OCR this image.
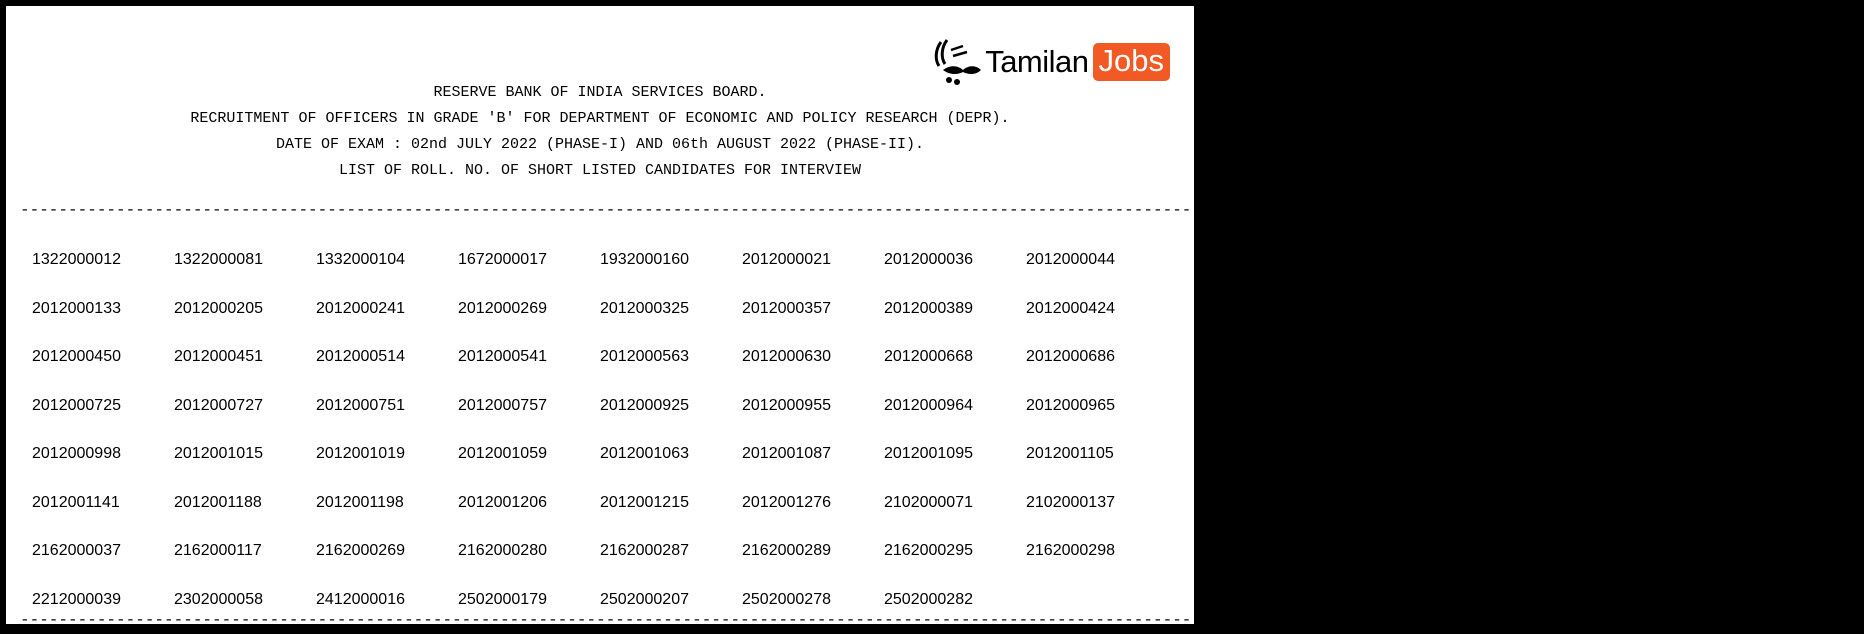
Tamilan Jobs
RESERVE BANK OF INDIA SERVICES BOARD.
RECRUITMENT OF OFFICERS IN GRADE 'B' FOR DEPARTMENT OF ECONOMIC AND POLICY RESEARCH (DEPR).
DATE OF EXAM : 02nd JULY 2022 (PHASE-I) AND 06th AUGUST 2022 (PHASE-II).
LIST OF ROLL. NO. OF SHORT LISTED CANDIDATES FOR INTERVIEW
------------------------------------------------------------------------------------------------------------------------------------------------------------------------------------------------
1322000012	1322000081	1332000104	1672000017	1932000160	2012000021	2012000036	2012000044
2012000133	2012000205	2012000241	2012000269	2012000325	2012000357	2012000389	2012000424
2012000450	2012000451	2012000514	2012000541	2012000563	2012000630	2012000668	2012000686
2012000725	2012000727	2012000751	2012000757	2012000925	2012000955	2012000964	2012000965
2012000998	2012001015	2012001019	2012001059	2012001063	2012001087	2012001095	2012001105
2012001141	2012001188	2012001198	2012001206	2012001215	2012001276	2102000071	2102000137
2162000037	2162000117	2162000269	2162000280	2162000287	2162000289	2162000295	2162000298
2212000039	2302000058	2412000016	2502000179	2502000207	2502000278	2502000282
------------------------------------------------------------------------------------------------------------------------------------------------------------------------------------------------
